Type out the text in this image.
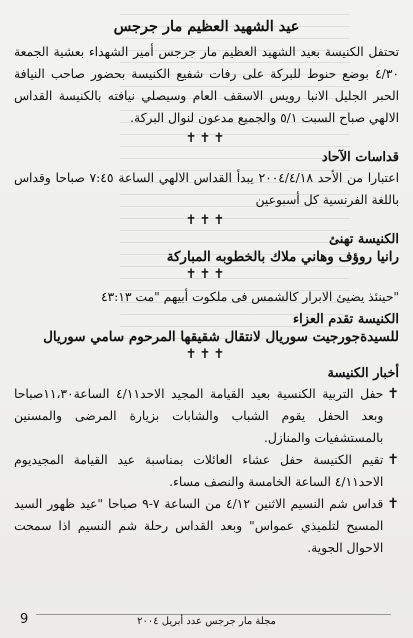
عيد الشهيد العظيم مار جرجس

تحتفل الكنيسة بعيد الشهيد العظيم مار جرجس أمير الشهداء بعشية الجمعة ٤/٣٠ بوضع حنوط للبركة على رفات شفيع الكنيسة بحضور صاحب النيافة الحبر الجليل الانبا رويس الاسقف العام وسيصلي نيافته بالكنيسة القداس الالهي صباح السبت ٥/١ والجميع مدعون لنوال البركة.

✝✝✝
قداسات الآحاد

اعتبارا من الأحد ٢٠٠٤/٤/١٨ يبدأ القداس الالهي الساعة ٧:٤٥ صباحا وقداس باللغة الفرنسية كل أسبوعين

✝✝✝
الكنيسة تهنئ
رانيا روؤف وهاني ملاك بالخطوبه المباركة
✝✝✝

"حينئذ يضيئ الابرار كالشمس فى ملكوت أبيهم "مت ٤٣:١٣

الكنيسة تقدم العزاء
للسيدةجورجيت سوريال لانتقال شقيقها المرحوم سامي سوريال
✝✝✝
أخبار الكنيسة
✝
حفل التربية الكنسية بعيد القيامة المجيد الاحد٤/١١ الساعة١١،٣٠صباحا وبعد الحفل يقوم الشباب والشابات بزيارة المرضى والمسنين بالمستشفيات والمنازل.
✝
تقيم الكنيسة حفل عشاء العائلات بمناسبة عيد القيامة المجيديوم الاحد٤/١١ الساعة الخامسة والنصف مساء.
✝
قداس شم النسيم الاثنين ٤/١٢ من الساعة ٧-٩ صباحا "عيد ظهور السيد المسيح لتلميذي عمواس" وبعد القداس رحلة شم النسيم اذا سمحت الاحوال الجوية.
مجلة مار جرجس عدد أبريل ٢٠٠٤
9
